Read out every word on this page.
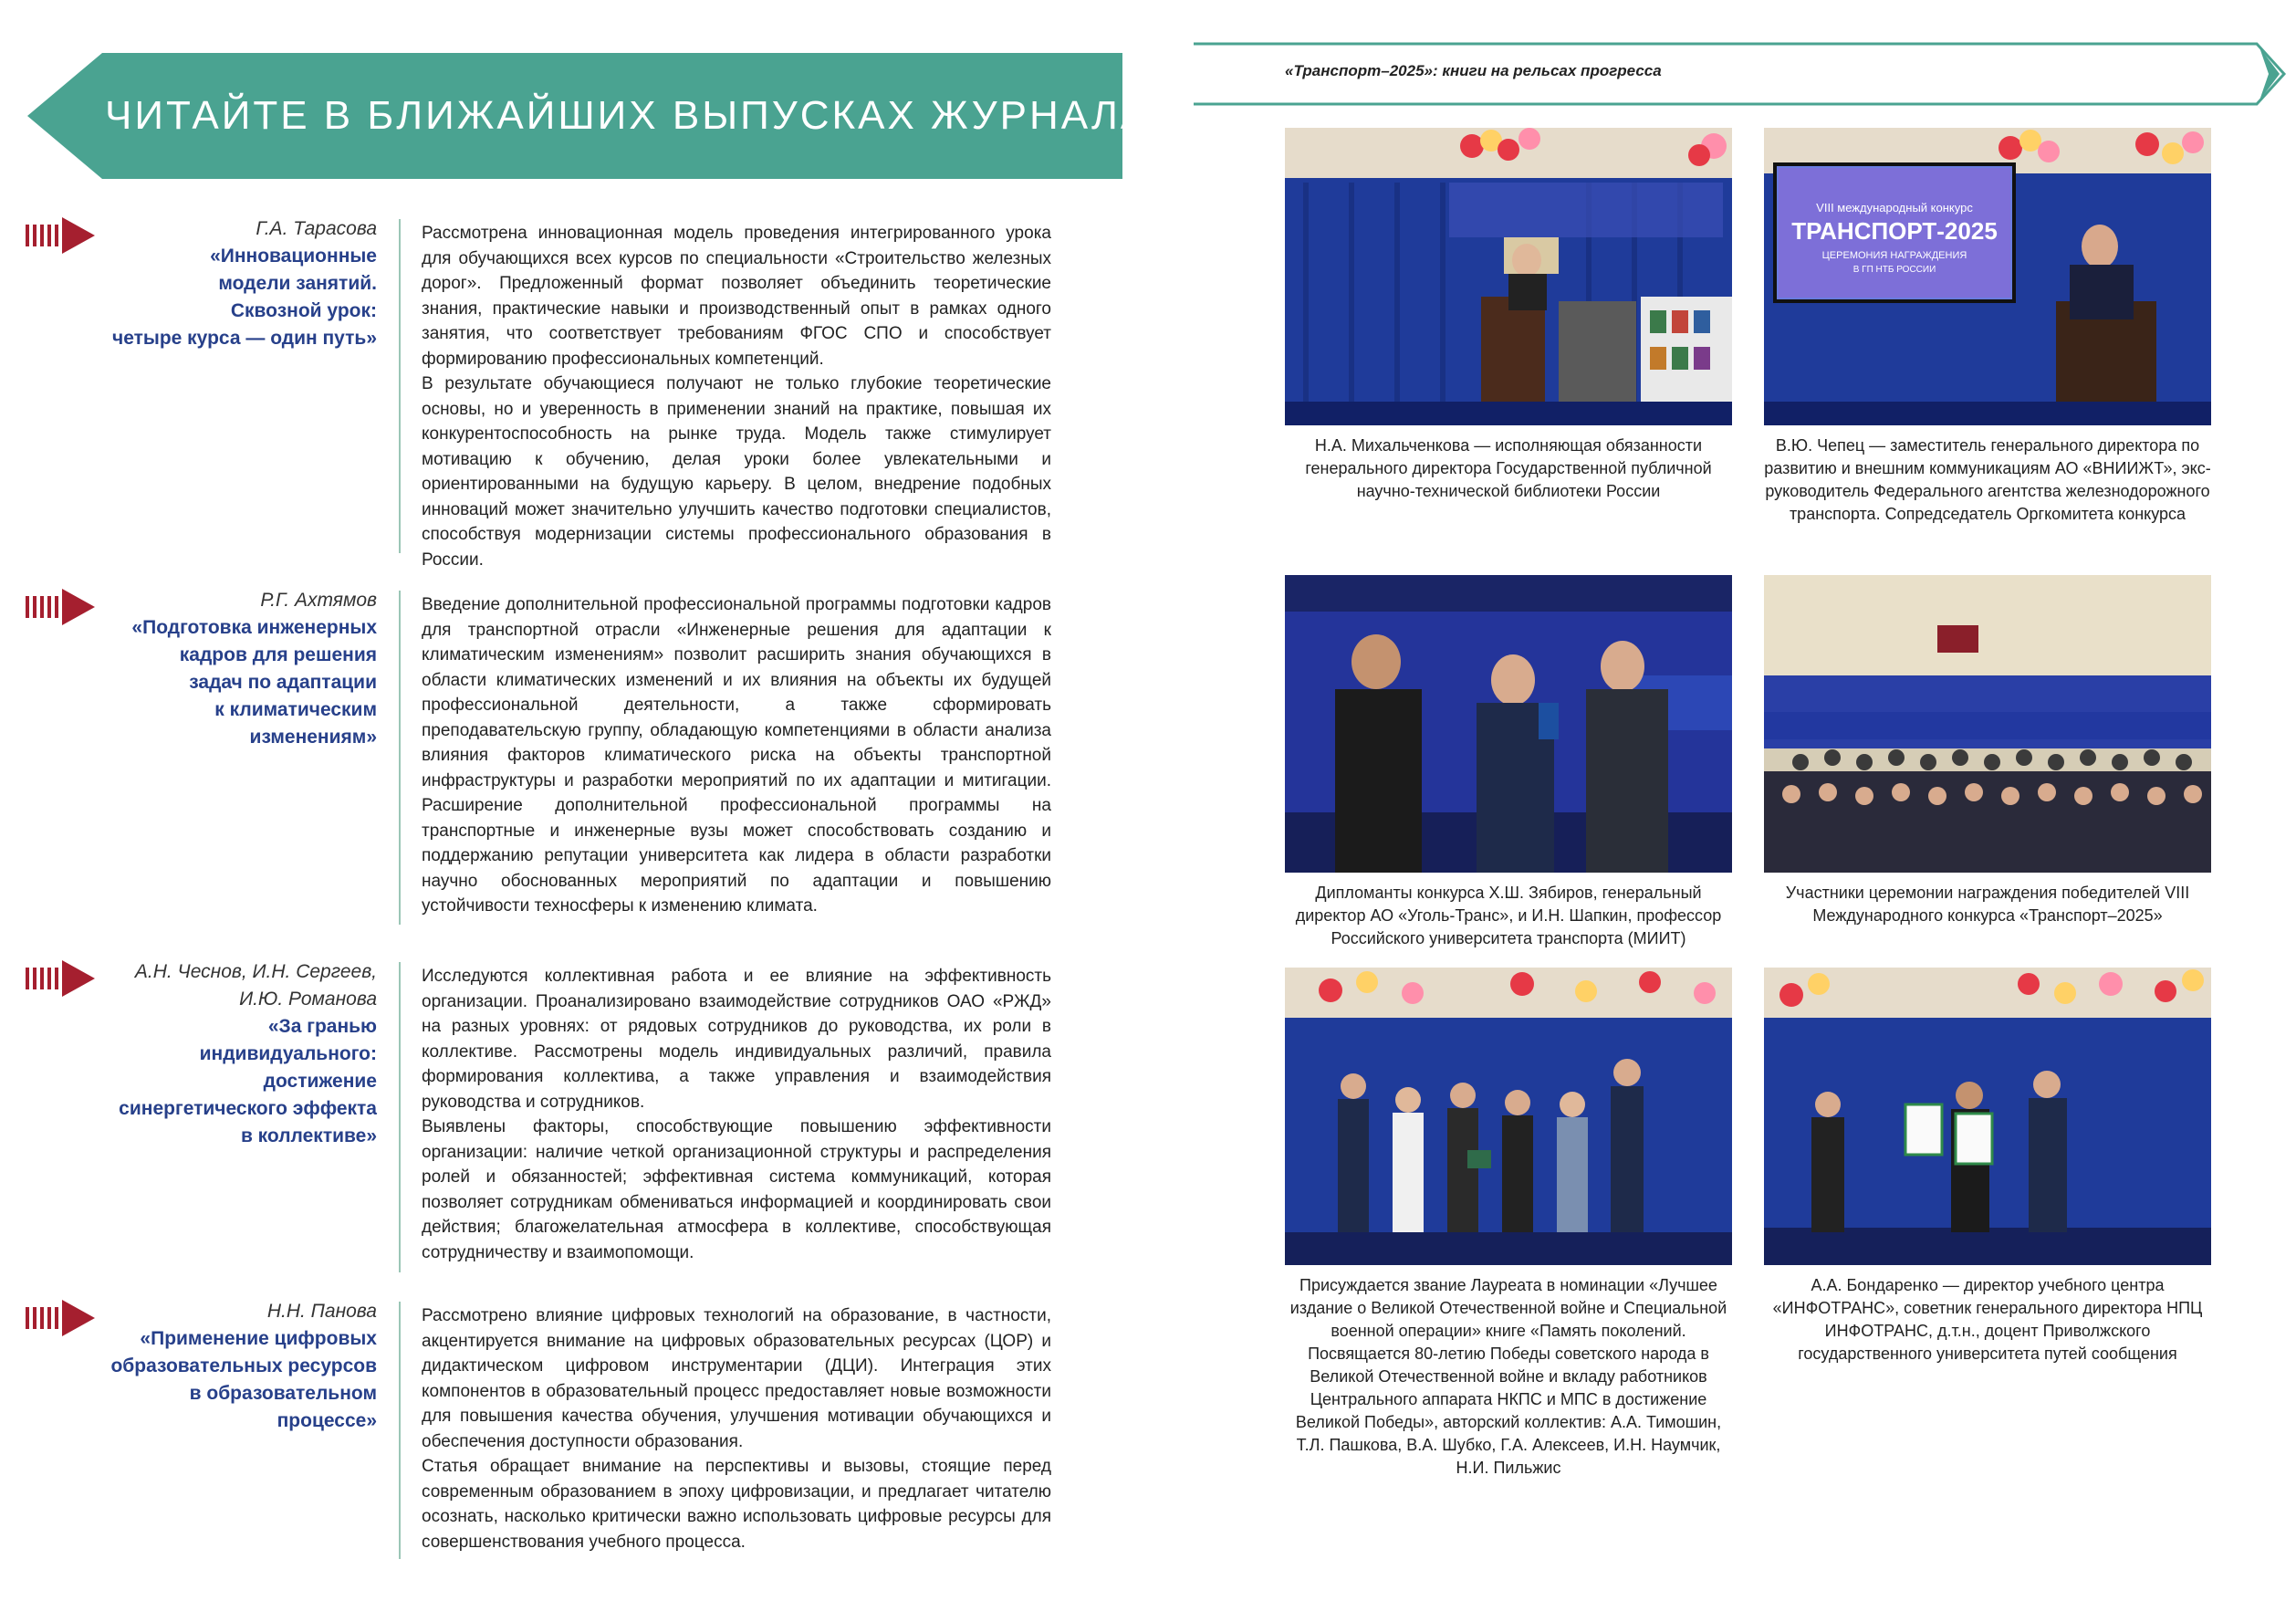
ЧИТАЙТЕ В БЛИЖАЙШИХ ВЫПУСКАХ ЖУРНАЛА...
Г.А. Тарасова
«Инновационные
модели занятий.
Сквозной урок:
четыре курса — один путь»

Рассмотрена инновационная модель проведения интегрированного урока для обучающихся всех курсов по специальности «Строительство железных дорог». Предложенный формат позволяет объединить теоретические знания, практические навыки и производственный опыт в рамках одного занятия, что соответствует требованиям ФГОС СПО и способствует формированию профессиональных компетенций.

В результате обучающиеся получают не только глубокие теоретические основы, но и уверенность в применении знаний на практике, повышая их конкурентоспособность на рынке труда. Модель также стимулирует мотивацию к обучению, делая уроки более увлекательными и ориентированными на будущую карьеру. В целом, внедрение подобных инноваций может значительно улучшить качество подготовки специалистов, способствуя модернизации системы профессионального образования в России.

Р.Г. Ахтямов
«Подготовка инженерных
кадров для решения
задач по адаптации
к климатическим
изменениям»

Введение дополнительной профессиональной программы подготовки кадров для транспортной отрасли «Инженерные решения для адаптации к климатическим изменениям» позволит расширить знания обучающихся в области климатических изменений и их влияния на объекты их будущей профессиональной деятельности, а также сформировать преподавательскую группу, обладающую компетенциями в области анализа влияния факторов климатического риска на объекты транспортной инфраструктуры и разработки мероприятий по их адаптации и митигации. Расширение дополнительной профессиональной программы на транспортные и инженерные вузы может способствовать созданию и поддержанию репутации университета как лидера в области разработки научно обоснованных мероприятий по адаптации и повышению устойчивости техносферы к изменению климата.

А.Н. Чеснов, И.Н. Сергеев, И.Ю. Романова
«За гранью
индивидуального:
достижение
синергетического эффекта
в коллективе»

Исследуются коллективная работа и ее влияние на эффективность организации. Проанализировано взаимодействие сотрудников ОАО «РЖД» на разных уровнях: от рядовых сотрудников до руководства, их роли в коллективе. Рассмотрены модель индивидуальных различий, правила формирования коллектива, а также управления и взаимодействия руководства и сотрудников.

Выявлены факторы, способствующие повышению эффективности организации: наличие четкой организационной структуры и распределения ролей и обязанностей; эффективная система коммуникаций, которая позволяет сотрудникам обмениваться информацией и координировать свои действия; благожелательная атмосфера в коллективе, способствующая сотрудничеству и взаимопомощи.

Н.Н. Панова
«Применение цифровых
образовательных ресурсов
в образовательном
процессе»

Рассмотрено влияние цифровых технологий на образование, в частности, акцентируется внимание на цифровых образовательных ресурсах (ЦОР) и дидактическом цифровом инструментарии (ДЦИ). Интеграция этих компонентов в образовательный процесс предоставляет новые возможности для повышения качества обучения, улучшения мотивации обучающихся и обеспечения доступности образования.

Статья обращает внимание на перспективы и вызовы, стоящие перед современным образованием в эпоху цифровизации, и предлагает читателю осознать, насколько критически важно использовать цифровые ресурсы для совершенствования учебного процесса.

«Транспорт–2025»: книги на рельсах прогресса
Н.А. Михальченкова — исполняющая обязанности генерального директора Государственной публичной научно-технической библиотеки России
VIII международный конкурс
ТРАНСПОРТ-2025
ЦЕРЕМОНИЯ НАГРАЖДЕНИЯ
В ГП НТБ РОССИИ
В.Ю. Чепец — заместитель генерального директора по развитию и внешним коммуникациям АО «ВНИИЖТ», экс-руководитель Федерального агентства железнодорожного транспорта. Сопредседатель Оргкомитета конкурса
Дипломанты конкурса Х.Ш. Зябиров, генеральный директор АО «Уголь-Транс», и И.Н. Шапкин, профессор Российского университета транспорта (МИИТ)
Участники церемонии награждения победителей VIII Международного конкурса «Транспорт–2025»
Присуждается звание Лауреата в номинации «Лучшее издание о Великой Отечественной войне и Специальной военной операции» книге «Память поколений. Посвящается 80-летию Победы советского народа в Великой Отечественной войне и вкладу работников Центрального аппарата НКПС и МПС в достижение Великой Победы», авторский коллектив: А.А. Тимошин, Т.Л. Пашкова, В.А. Шубко, Г.А. Алексеев, И.Н. Наумчик, Н.И. Пильжис
А.А. Бондаренко — директор учебного центра «ИНФОТРАНС», советник генерального директора НПЦ ИНФОТРАНС, д.т.н., доцент Приволжского государственного университета путей сообщения
